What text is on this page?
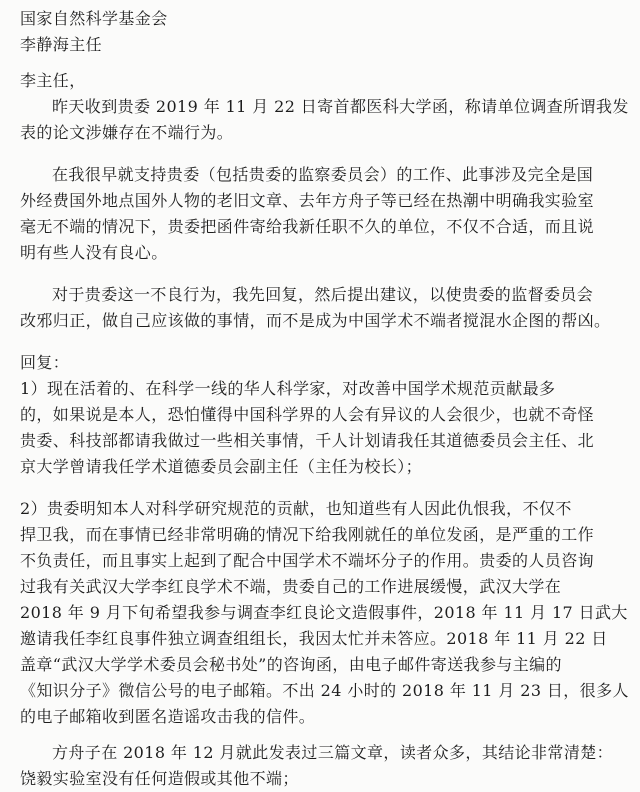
国家自然科学基金会
李静海主任
李主任，
昨天收到贵委 2019 年 11 月 22 日寄首都医科大学函，称请单位调查所谓我发
表的论文涉嫌存在不端行为。
在我很早就支持贵委（包括贵委的监察委员会）的工作、此事涉及完全是国
外经费国外地点国外人物的老旧文章、去年方舟子等已经在热潮中明确我实验室
毫无不端的情况下，贵委把函件寄给我新任职不久的单位，不仅不合适，而且说
明有些人没有良心。
对于贵委这一不良行为，我先回复，然后提出建议，以使贵委的监督委员会
改邪归正，做自己应该做的事情，而不是成为中国学术不端者搅混水企图的帮凶。
回复：
1）现在活着的、在科学一线的华人科学家，对改善中国学术规范贡献最多
的，如果说是本人，恐怕懂得中国科学界的人会有异议的人会很少，也就不奇怪
贵委、科技部都请我做过一些相关事情，千人计划请我任其道德委员会主任、北
京大学曾请我任学术道德委员会副主任（主任为校长）；
2）贵委明知本人对科学研究规范的贡献，也知道些有人因此仇恨我，不仅不
捍卫我，而在事情已经非常明确的情况下给我刚就任的单位发函，是严重的工作
不负责任，而且事实上起到了配合中国学术不端坏分子的作用。贵委的人员咨询
过我有关武汉大学李红良学术不端，贵委自己的工作进展缓慢，武汉大学在
2018 年 9 月下旬希望我参与调查李红良论文造假事件，2018 年 11 月 17 日武大
邀请我任李红良事件独立调查组组长，我因太忙并未答应。2018 年 11 月 22 日
盖章“武汉大学学术委员会秘书处”的咨询函，由电子邮件寄送我参与主编的
《知识分子》微信公号的电子邮箱。不出 24 小时的 2018 年 11 月 23 日，很多人
的电子邮箱收到匿名造谣攻击我的信件。
方舟子在 2018 年 12 月就此发表过三篇文章，读者众多，其结论非常清楚：
饶毅实验室没有任何造假或其他不端；
